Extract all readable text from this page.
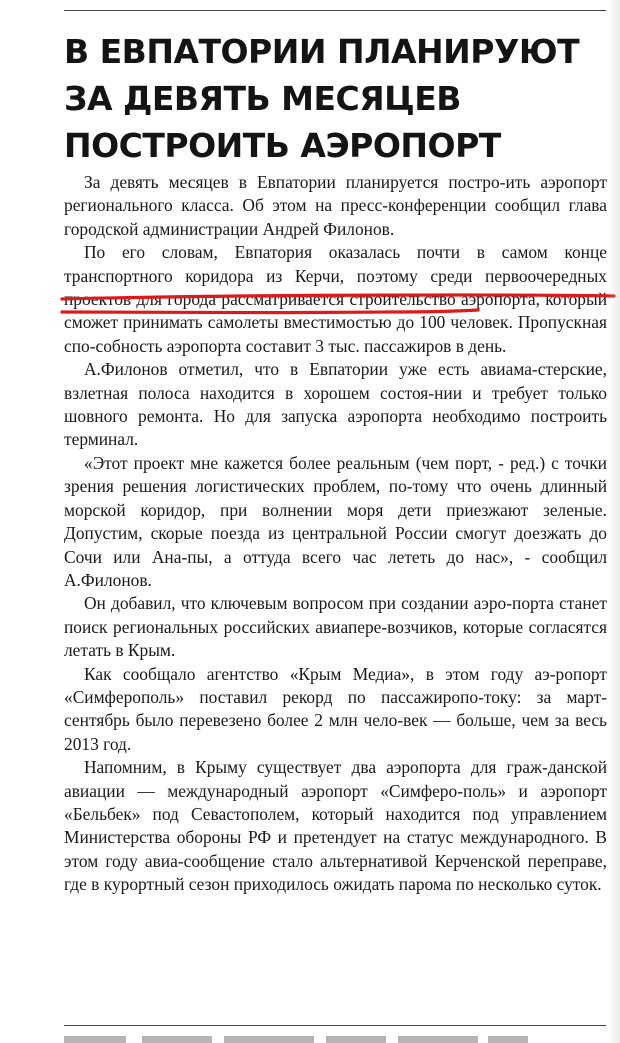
В ЕВПАТОРИИ ПЛАНИРУЮТ
ЗА ДЕВЯТЬ МЕСЯЦЕВ
ПОСТРОИТЬ АЭРОПОРТ

За девять месяцев в Евпатории планируется постро-ить аэропорт регионального класса. Об этом на пресс-конференции сообщил глава городской администрации Андрей Филонов.

По его словам, Евпатория оказалась почти в самом конце транспортного коридора из Керчи, поэтому среди первоочередных проектов для города рассматривается строительство аэропорта, который сможет принимать самолеты вместимостью до 100 человек. Пропускная спо-собность аэропорта составит 3 тыс. пассажиров в день.

А.Филонов отметил, что в Евпатории уже есть авиама-стерские, взлетная полоса находится в хорошем состоя-нии и требует только шовного ремонта. Но для запуска аэропорта необходимо построить терминал.

«Этот проект мне кажется более реальным (чем порт, - ред.) с точки зрения решения логистических проблем, по-тому что очень длинный морской коридор, при волнении моря дети приезжают зеленые. Допустим, скорые поезда из центральной России смогут доезжать до Сочи или Ана-пы, а оттуда всего час лететь до нас», - сообщил А.Филонов.

Он добавил, что ключевым вопросом при создании аэро-порта станет поиск региональных российских авиапере-возчиков, которые согласятся летать в Крым.

Как сообщало агентство «Крым Медиа», в этом году аэ-ропорт «Симферополь» поставил рекорд по пассажиропо-току: за март-сентябрь было перевезено более 2 млн чело-век — больше, чем за весь 2013 год.

Напомним, в Крыму существует два аэропорта для граж-данской авиации — международный аэропорт «Симферо-поль» и аэропорт «Бельбек» под Севастополем, который находится под управлением Министерства обороны РФ и претендует на статус международного. В этом году авиа-сообщение стало альтернативой Керченской переправе, где в курортный сезон приходилось ожидать парома по несколько суток.
